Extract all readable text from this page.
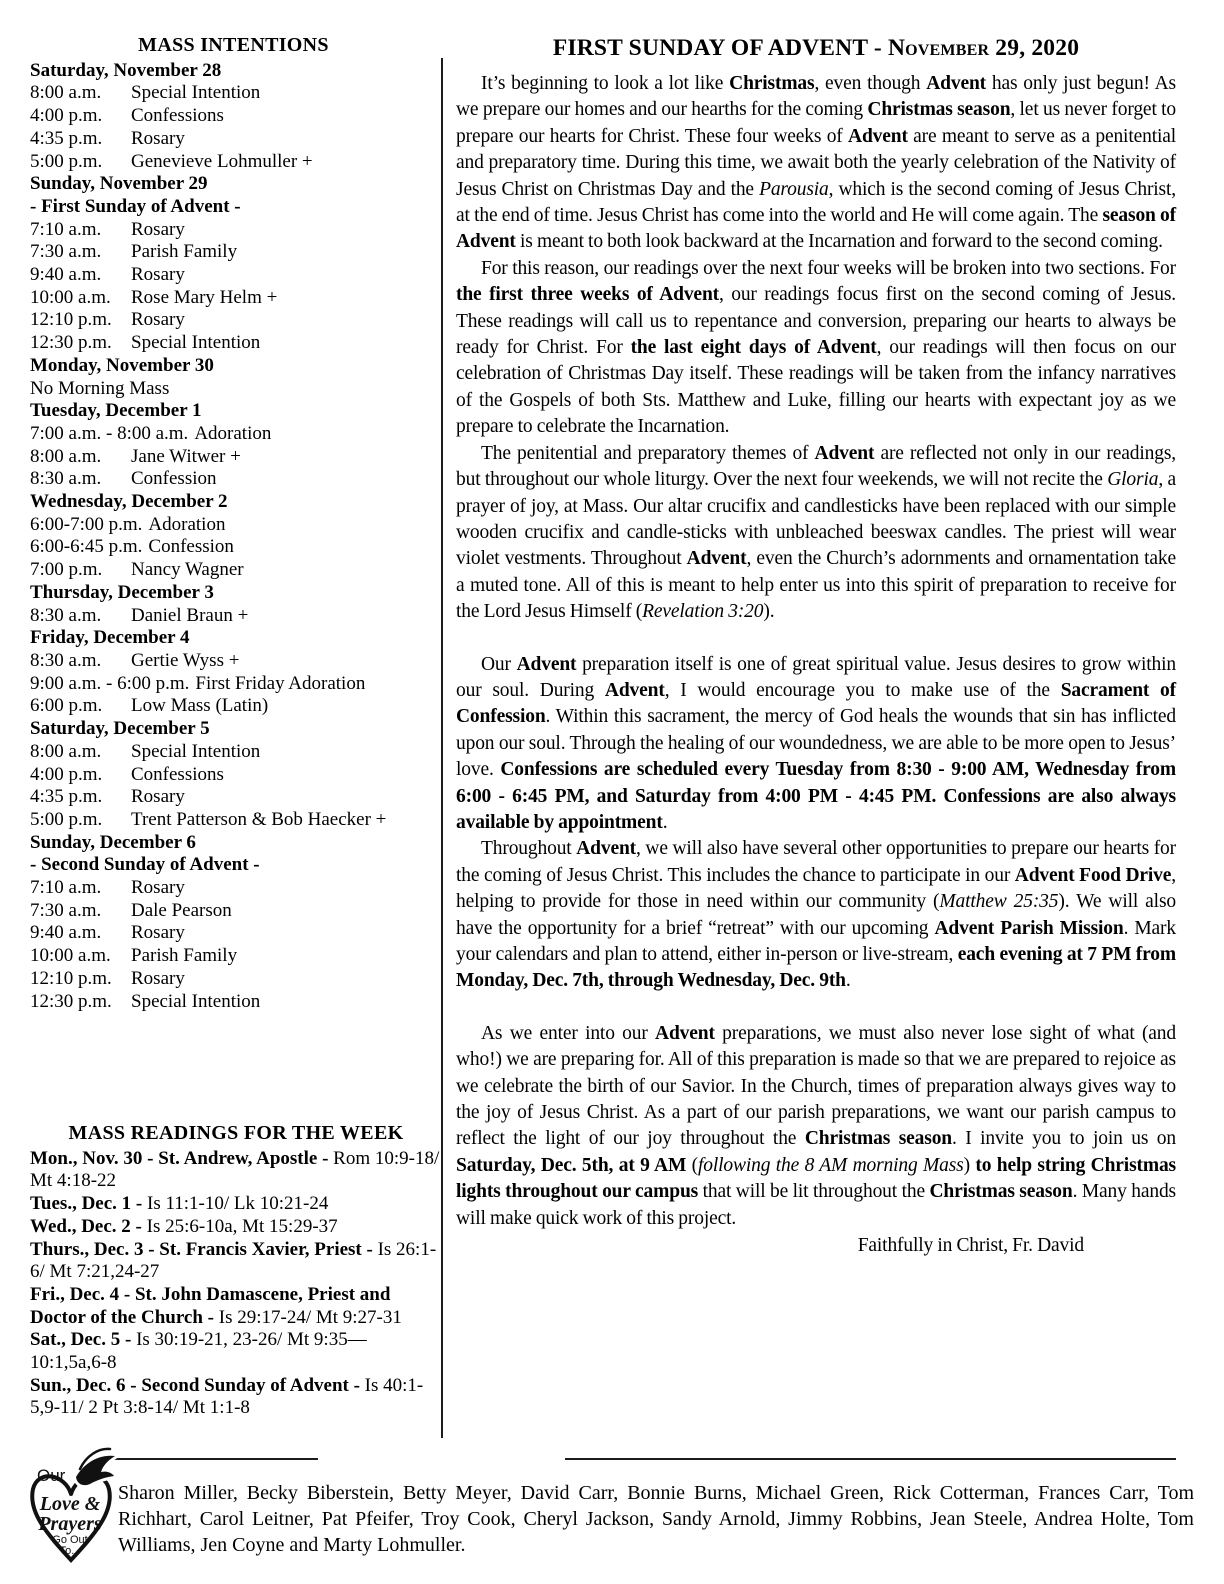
MASS INTENTIONS
Saturday, November 28
8:00 a.m.	Special Intention
4:00 p.m.	Confessions
4:35 p.m.	Rosary
5:00 p.m.	Genevieve Lohmuller +
Sunday, November 29
- First Sunday of Advent -
7:10 a.m.	Rosary
7:30 a.m.	Parish Family
9:40 a.m.	Rosary
10:00 a.m.	Rose Mary Helm +
12:10 p.m.	Rosary
12:30 p.m.	Special Intention
Monday, November 30
No Morning Mass
Tuesday, December 1
7:00 a.m. - 8:00 a.m. Adoration
8:00 a.m.	Jane Witwer +
8:30 a.m.	Confession
Wednesday, December 2
6:00-7:00 p.m. Adoration
6:00-6:45 p.m. Confession
7:00 p.m.	Nancy Wagner
Thursday, December 3
8:30 a.m.	Daniel Braun +
Friday, December 4
8:30 a.m.	Gertie Wyss +
9:00 a.m. - 6:00 p.m. First Friday Adoration
6:00 p.m.	Low Mass (Latin)
Saturday, December 5
8:00 a.m.	Special Intention
4:00 p.m.	Confessions
4:35 p.m.	Rosary
5:00 p.m.	Trent Patterson & Bob Haecker +
Sunday, December 6
- Second Sunday of Advent -
7:10 a.m.	Rosary
7:30 a.m.	Dale Pearson
9:40 a.m.	Rosary
10:00 a.m.	Parish Family
12:10 p.m.	Rosary
12:30 p.m.	Special Intention
MASS READINGS FOR THE WEEK
Mon., Nov. 30 - St. Andrew, Apostle - Rom 10:9-18/ Mt 4:18-22
Tues., Dec. 1 - Is 11:1-10/ Lk 10:21-24
Wed., Dec. 2 - Is 25:6-10a, Mt 15:29-37
Thurs., Dec. 3 - St. Francis Xavier, Priest - Is 26:1-6/ Mt 7:21,24-27
Fri., Dec. 4 - St. John Damascene, Priest and Doctor of the Church - Is 29:17-24/ Mt 9:27-31
Sat., Dec. 5 - Is 30:19-21, 23-26/ Mt 9:35—10:1,5a,6-8
Sun., Dec. 6 - Second Sunday of Advent - Is 40:1-5,9-11/ 2 Pt 3:8-14/ Mt 1:1-8
FIRST SUNDAY OF ADVENT - November 29, 2020

It’s beginning to look a lot like Christmas, even though Advent has only just begun! As we prepare our homes and our hearths for the coming Christmas season, let us never forget to prepare our hearts for Christ. These four weeks of Advent are meant to serve as a penitential and preparatory time. During this time, we await both the yearly celebration of the Nativity of Jesus Christ on Christmas Day and the Parousia, which is the second coming of Jesus Christ, at the end of time. Jesus Christ has come into the world and He will come again. The season of Advent is meant to both look backward at the Incarnation and forward to the second coming.

For this reason, our readings over the next four weeks will be broken into two sections. For the first three weeks of Advent, our readings focus first on the second coming of Jesus. These readings will call us to repentance and conversion, preparing our hearts to always be ready for Christ. For the last eight days of Advent, our readings will then focus on our celebration of Christmas Day itself. These readings will be taken from the infancy narratives of the Gospels of both Sts. Matthew and Luke, filling our hearts with expectant joy as we prepare to celebrate the Incarnation.

The penitential and preparatory themes of Advent are reflected not only in our readings, but throughout our whole liturgy. Over the next four weekends, we will not recite the Gloria, a prayer of joy, at Mass. Our altar crucifix and candlesticks have been replaced with our simple wooden crucifix and candle-sticks with unbleached beeswax candles. The priest will wear violet vestments. Throughout Advent, even the Church’s adornments and ornamentation take a muted tone. All of this is meant to help enter us into this spirit of preparation to receive for the Lord Jesus Himself (Revelation 3:20).

Our Advent preparation itself is one of great spiritual value. Jesus desires to grow within our soul. During Advent, I would encourage you to make use of the Sacrament of Confession. Within this sacrament, the mercy of God heals the wounds that sin has inflicted upon our soul. Through the healing of our woundedness, we are able to be more open to Jesus’ love. Confessions are scheduled every Tuesday from 8:30 - 9:00 AM, Wednesday from 6:00 - 6:45 PM, and Saturday from 4:00 PM - 4:45 PM. Confessions are also always available by appointment.

Throughout Advent, we will also have several other opportunities to prepare our hearts for the coming of Jesus Christ. This includes the chance to participate in our Advent Food Drive, helping to provide for those in need within our community (Matthew 25:35). We will also have the opportunity for a brief “retreat” with our upcoming Advent Parish Mission. Mark your calendars and plan to attend, either in-person or live-stream, each evening at 7 PM from Monday, Dec. 7th, through Wednesday, Dec. 9th.

As we enter into our Advent preparations, we must also never lose sight of what (and who!) we are preparing for. All of this preparation is made so that we are prepared to rejoice as we celebrate the birth of our Savior. In the Church, times of preparation always gives way to the joy of Jesus Christ. As a part of our parish preparations, we want our parish campus to reflect the light of our joy throughout the Christmas season. I invite you to join us on Saturday, Dec. 5th, at 9 AM (following the 8 AM morning Mass) to help string Christmas lights throughout our campus that will be lit throughout the Christmas season. Many hands will make quick work of this project.

Faithfully in Christ, Fr. David
Our
Love &
Prayers
Go Out
To...
Sharon Miller, Becky Biberstein, Betty Meyer, David Carr, Bonnie Burns, Michael Green, Rick Cotterman, Frances Carr, Tom Richhart, Carol Leitner, Pat Pfeifer, Troy Cook, Cheryl Jackson, Sandy Arnold, Jimmy Robbins, Jean Steele, Andrea Holte, Tom Williams, Jen Coyne and Marty Lohmuller.
